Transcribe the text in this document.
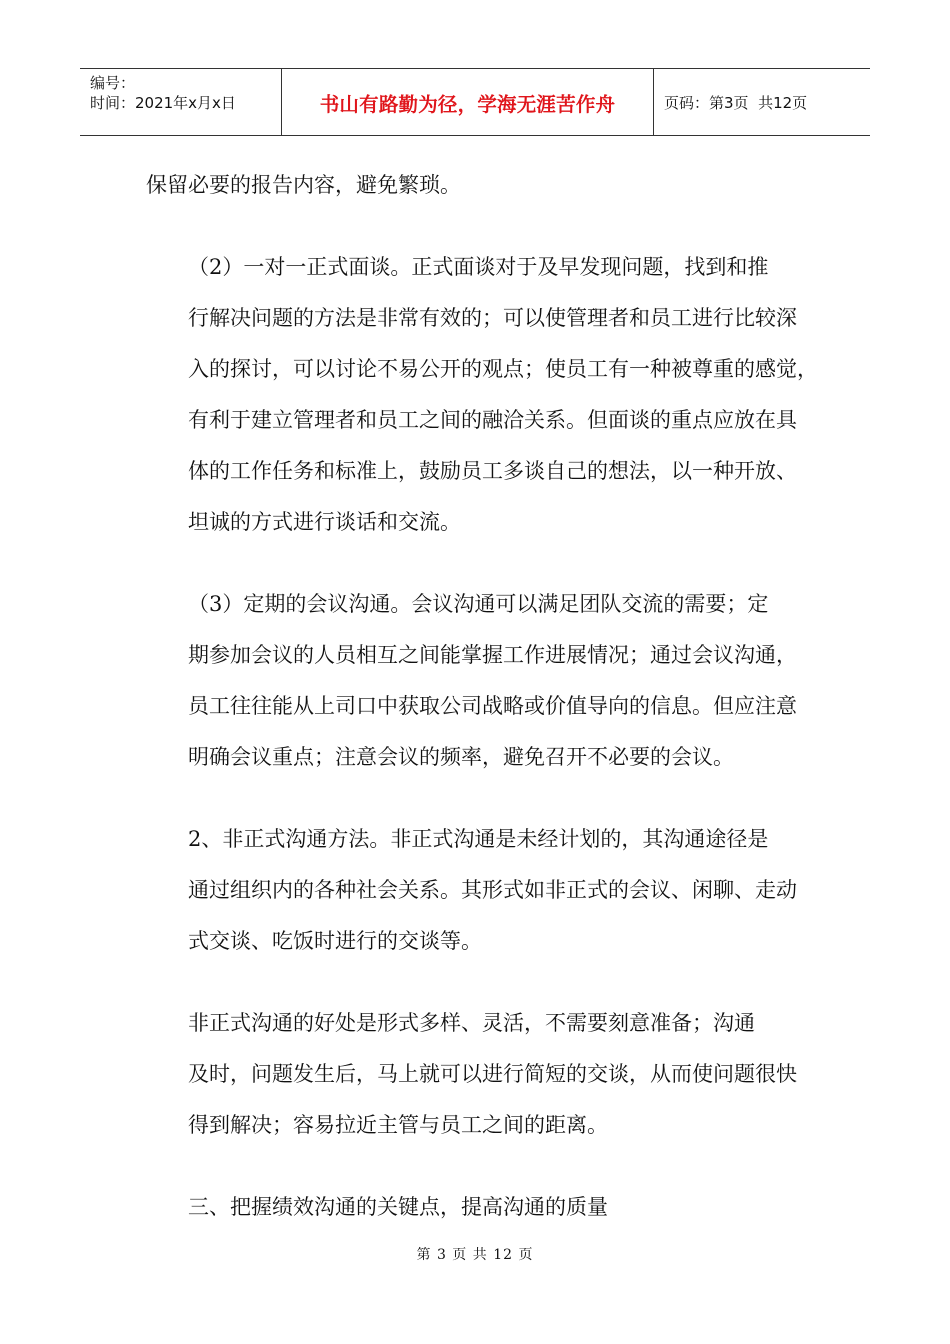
编号：
时间：2021年x月x日	书山有路勤为径，学海无涯苦作舟	页码：第3页  共12页

保留必要的报告内容，避免繁琐。

（2）一对一正式面谈。正式面谈对于及早发现问题，找到和推
行解决问题的方法是非常有效的；可以使管理者和员工进行比较深
入的探讨，可以讨论不易公开的观点；使员工有一种被尊重的感觉，
有利于建立管理者和员工之间的融洽关系。但面谈的重点应放在具
体的工作任务和标准上，鼓励员工多谈自己的想法，以一种开放、
坦诚的方式进行谈话和交流。

（3）定期的会议沟通。会议沟通可以满足团队交流的需要；定
期参加会议的人员相互之间能掌握工作进展情况；通过会议沟通，
员工往往能从上司口中获取公司战略或价值导向的信息。但应注意
明确会议重点；注意会议的频率，避免召开不必要的会议。

2、非正式沟通方法。非正式沟通是未经计划的，其沟通途径是
通过组织内的各种社会关系。其形式如非正式的会议、闲聊、走动
式交谈、吃饭时进行的交谈等。

非正式沟通的好处是形式多样、灵活，不需要刻意准备；沟通
及时，问题发生后，马上就可以进行简短的交谈，从而使问题很快
得到解决；容易拉近主管与员工之间的距离。

三、把握绩效沟通的关键点，提高沟通的质量

第 3 页 共 12 页
